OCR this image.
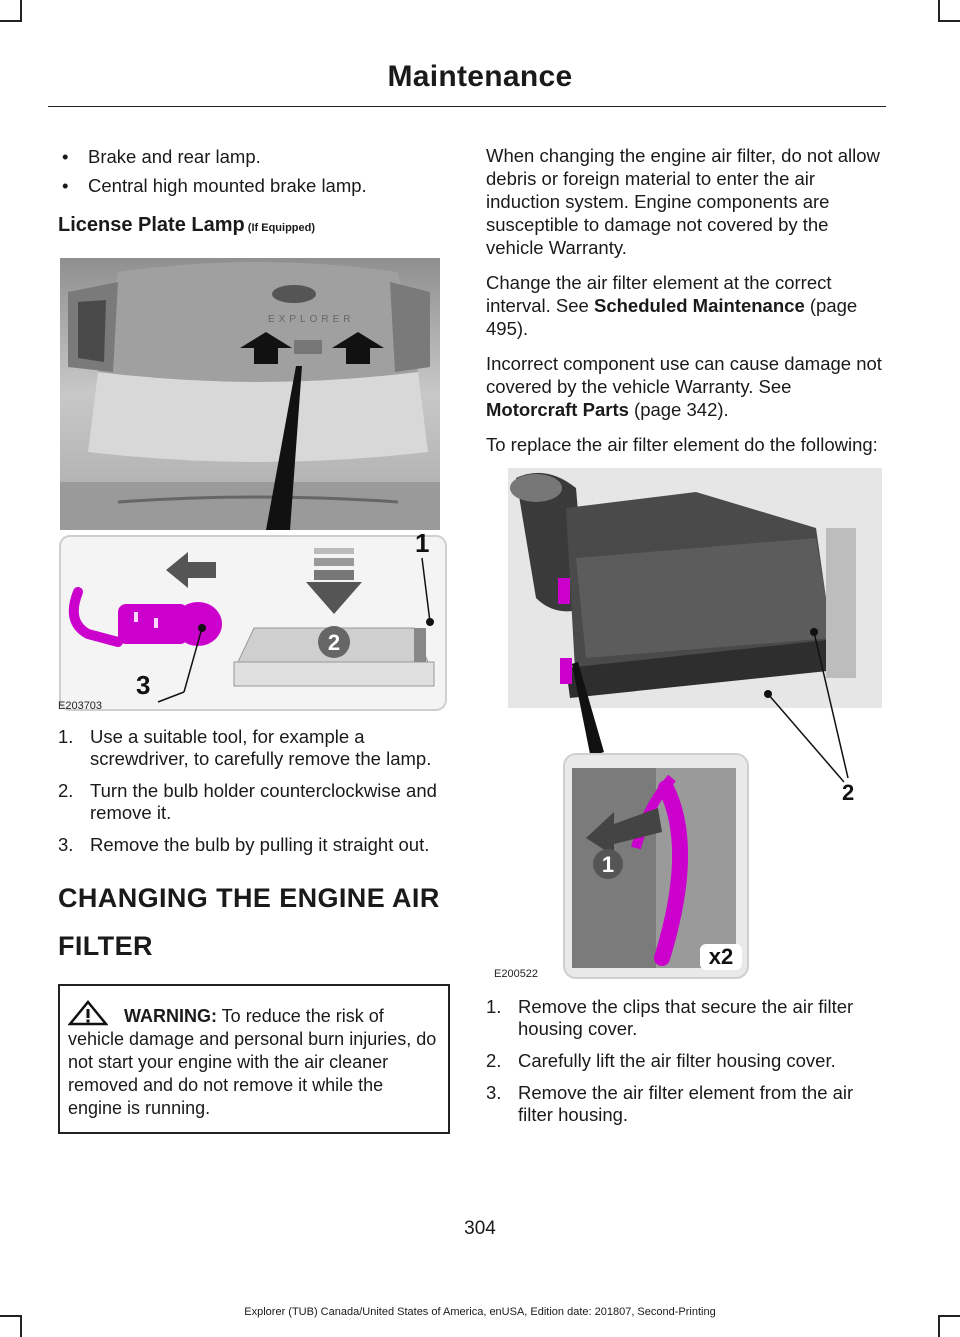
Maintenance
• Brake and rear lamp.
• Central high mounted brake lamp.
License Plate Lamp (If Equipped)
EXPLORER
1
2
3
E203703
1. Use a suitable tool, for example a screwdriver, to carefully remove the lamp.
2. Turn the bulb holder counterclockwise and remove it.
3. Remove the bulb by pulling it straight out.
CHANGING THE ENGINE AIR
FILTER
WARNING: To reduce the risk of vehicle damage and personal burn injuries, do not start your engine with the air cleaner removed and do not remove it while the engine is running.

When changing the engine air filter, do not allow debris or foreign material to enter the air induction system. Engine components are susceptible to damage not covered by the vehicle Warranty.

Change the air filter element at the correct interval. See Scheduled Maintenance (page 495).

Incorrect component use can cause damage not covered by the vehicle Warranty. See Motorcraft Parts (page 342).

To replace the air filter element do the following:

1
2
x2
E200522
1. Remove the clips that secure the air filter housing cover.
2. Carefully lift the air filter housing cover.
3. Remove the air filter element from the air filter housing.
304
Explorer (TUB) Canada/United States of America, enUSA, Edition date: 201807, Second-Printing
